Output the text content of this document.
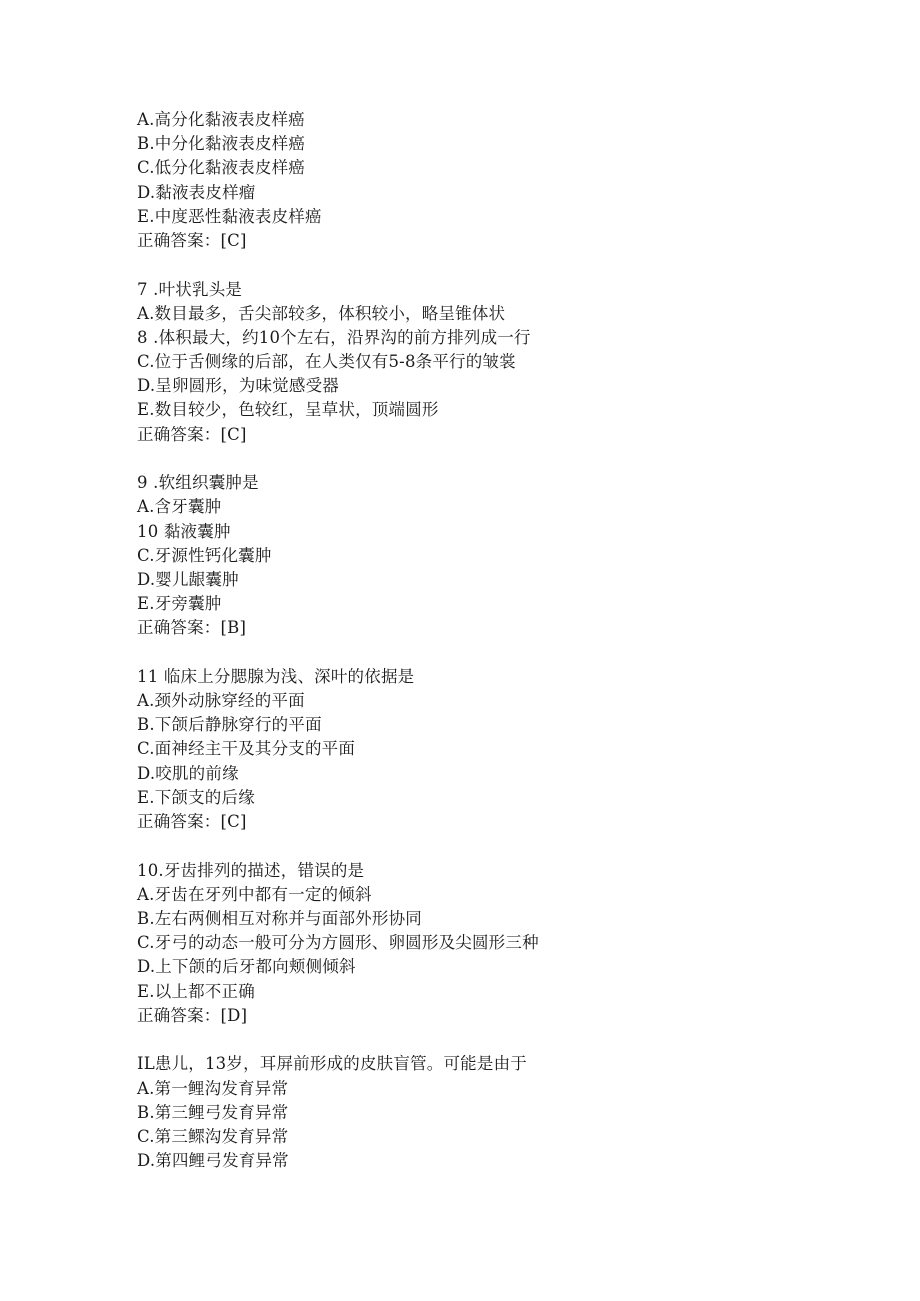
A.高分化黏液表皮样癌
B.中分化黏液表皮样癌
C.低分化黏液表皮样癌
D.黏液表皮样瘤
E.中度恶性黏液表皮样癌
正确答案：[C]
7 .叶状乳头是
A.数目最多，舌尖部较多，体积较小，略呈锥体状
8 .体积最大，约10个左右，沿界沟的前方排列成一行
C.位于舌侧缘的后部，在人类仅有5-8条平行的皱裳
D.呈卵圆形，为味觉感受器
E.数目较少，色较红，呈草状，顶端圆形
正确答案：[C]
9 .软组织囊肿是
A.含牙囊肿
10 黏液囊肿
C.牙源性钙化囊肿
D.婴儿龈囊肿
E.牙旁囊肿
正确答案：[B]
11 临床上分腮腺为浅、深叶的依据是
A.颈外动脉穿经的平面
B.下颌后静脉穿行的平面
C.面神经主干及其分支的平面
D.咬肌的前缘
E.下颌支的后缘
正确答案：[C]
10.牙齿排列的描述，错误的是
A.牙齿在牙列中都有一定的倾斜
B.左右两侧相互对称并与面部外形协同
C.牙弓的动态一般可分为方圆形、卵圆形及尖圆形三种
D.上下颌的后牙都向颊侧倾斜
E.以上都不正确
正确答案：[D]
IL患儿，13岁，耳屏前形成的皮肤盲管。可能是由于
A.第一鲤沟发育异常
B.第三鲤弓发育异常
C.第三鳏沟发育异常
D.第四鲤弓发育异常
